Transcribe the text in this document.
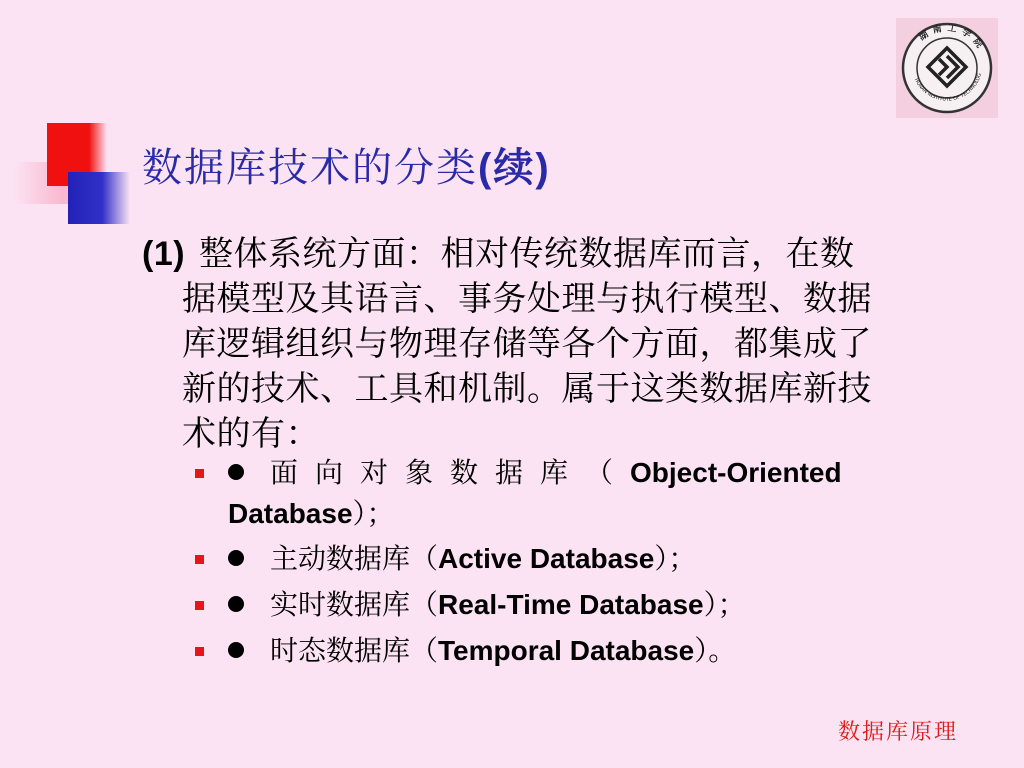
湖南工学院
HUNAN INSTITUTE OF TECHNOLOG
数据库技术的分类(续)
(1) 整体系统方面：相对传统数据库而言，在数
据模型及其语言、事务处理与执行模型、数据
库逻辑组织与物理存储等各个方面，都集成了
新的技术、工具和机制。属于这类数据库新技
术的有：
面向对象数据库（Object-Oriented
Database）；
主动数据库（Active Database）；
实时数据库（Real-Time Database）；
时态数据库（Temporal Database）。
数据库原理
